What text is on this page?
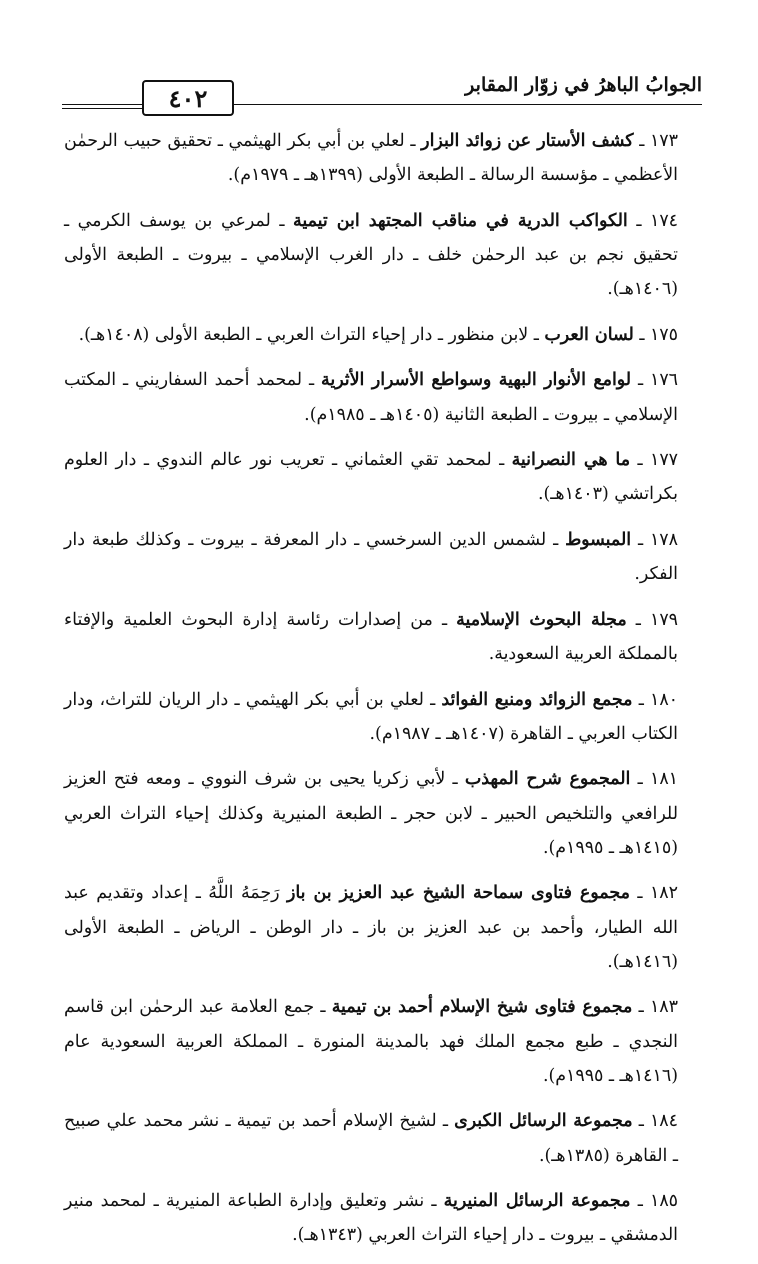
٤٠٢	الجوابُ الباهرُ في زوّار المقابر

١٧٣ ـ كشف الأستار عن زوائد البزار ـ لعلي بن أبي بكر الهيثمي ـ تحقيق حبيب الرحمٰن الأعظمي ـ مؤسسة الرسالة ـ الطبعة الأولى (١٣٩٩هـ ـ ١٩٧٩م).

١٧٤ ـ الكواكب الدرية في مناقب المجتهد ابن تيمية ـ لمرعي بن يوسف الكرمي ـ تحقيق نجم بن عبد الرحمٰن خلف ـ دار الغرب الإسلامي ـ بيروت ـ الطبعة الأولى (١٤٠٦هـ).

١٧٥ ـ لسان العرب ـ لابن منظور ـ دار إحياء التراث العربي ـ الطبعة الأولى (١٤٠٨هـ).

١٧٦ ـ لوامع الأنوار البهية وسواطع الأسرار الأثرية ـ لمحمد أحمد السفاريني ـ المكتب الإسلامي ـ بيروت ـ الطبعة الثانية (١٤٠٥هـ ـ ١٩٨٥م).

١٧٧ ـ ما هي النصرانية ـ لمحمد تقي العثماني ـ تعريب نور عالم الندوي ـ دار العلوم بكراتشي (١٤٠٣هـ).

١٧٨ ـ المبسوط ـ لشمس الدين السرخسي ـ دار المعرفة ـ بيروت ـ وكذلك طبعة دار الفكر.

١٧٩ ـ مجلة البحوث الإسلامية ـ من إصدارات رئاسة إدارة البحوث العلمية والإفتاء بالمملكة العربية السعودية.

١٨٠ ـ مجمع الزوائد ومنبع الفوائد ـ لعلي بن أبي بكر الهيثمي ـ دار الريان للتراث، ودار الكتاب العربي ـ القاهرة (١٤٠٧هـ ـ ١٩٨٧م).

١٨١ ـ المجموع شرح المهذب ـ لأبي زكريا يحيى بن شرف النووي ـ ومعه فتح العزيز للرافعي والتلخيص الحبير ـ لابن حجر ـ الطبعة المنيرية وكذلك إحياء التراث العربي (١٤١٥هـ ـ ١٩٩٥م).

١٨٢ ـ مجموع فتاوى سماحة الشيخ عبد العزيز بن باز رَحِمَهُ اللَّهُ ـ إعداد وتقديم عبد الله الطيار، وأحمد بن عبد العزيز بن باز ـ دار الوطن ـ الرياض ـ الطبعة الأولى (١٤١٦هـ).

١٨٣ ـ مجموع فتاوى شيخ الإسلام أحمد بن تيمية ـ جمع العلامة عبد الرحمٰن ابن قاسم النجدي ـ طبع مجمع الملك فهد بالمدينة المنورة ـ المملكة العربية السعودية عام (١٤١٦هـ ـ ١٩٩٥م).

١٨٤ ـ مجموعة الرسائل الكبرى ـ لشيخ الإسلام أحمد بن تيمية ـ نشر محمد علي صبيح ـ القاهرة (١٣٨٥هـ).

١٨٥ ـ مجموعة الرسائل المنيرية ـ نشر وتعليق وإدارة الطباعة المنيرية ـ لمحمد منير الدمشقي ـ بيروت ـ دار إحياء التراث العربي (١٣٤٣هـ).
